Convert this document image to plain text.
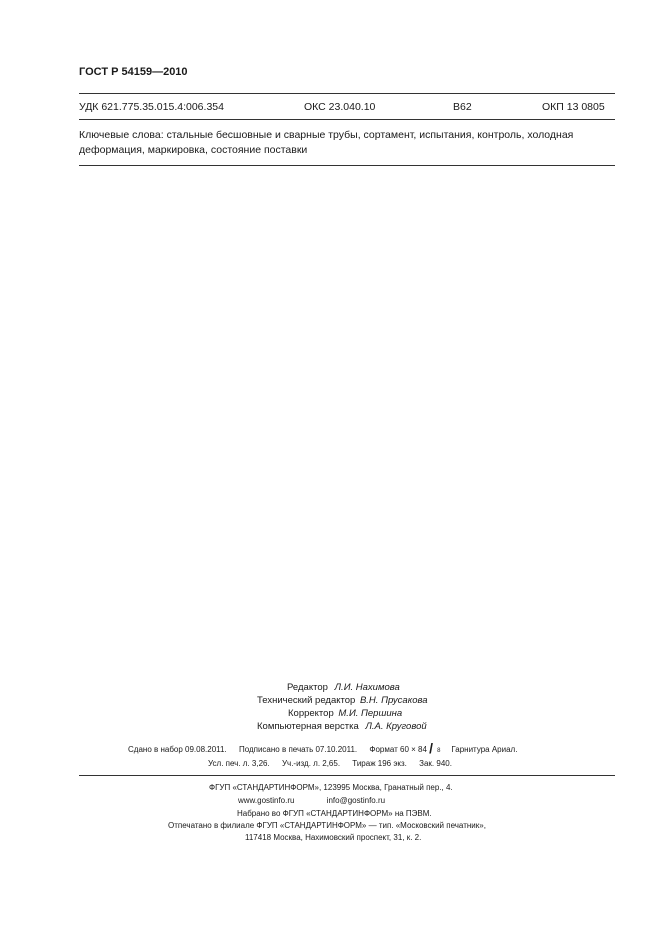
ГОСТ Р 54159—2010
УДК 621.775.35.015.4:006.354	ОКС 23.040.10	В62	ОКП 13 0805
Ключевые слова: стальные бесшовные и сварные трубы, сортамент, испытания, контроль, холодная деформация, маркировка, состояние поставки
Редактор Л.И. Нахимова
Технический редактор В.Н. Прусакова
Корректор М.И. Першина
Компьютерная верстка Л.А. Круговой
Сдано в набор 09.08.2011. Подписано в печать 07.10.2011. Формат 60 × 84 / 8 Гарнитура Ариал.
Усл. печ. л. 3,26. Уч.-изд. л. 2,65. Тираж 196 экз. Зак. 940.
ФГУП «СТАНДАРТИНФОРМ», 123995 Москва, Гранатный пер., 4.
www.gostinfo.ru	info@gostinfo.ru
Набрано во ФГУП «СТАНДАРТИНФОРМ» на ПЭВМ.
Отпечатано в филиале ФГУП «СТАНДАРТИНФОРМ» — тип. «Московский печатник»,
117418 Москва, Нахимовский проспект, 31, к. 2.
